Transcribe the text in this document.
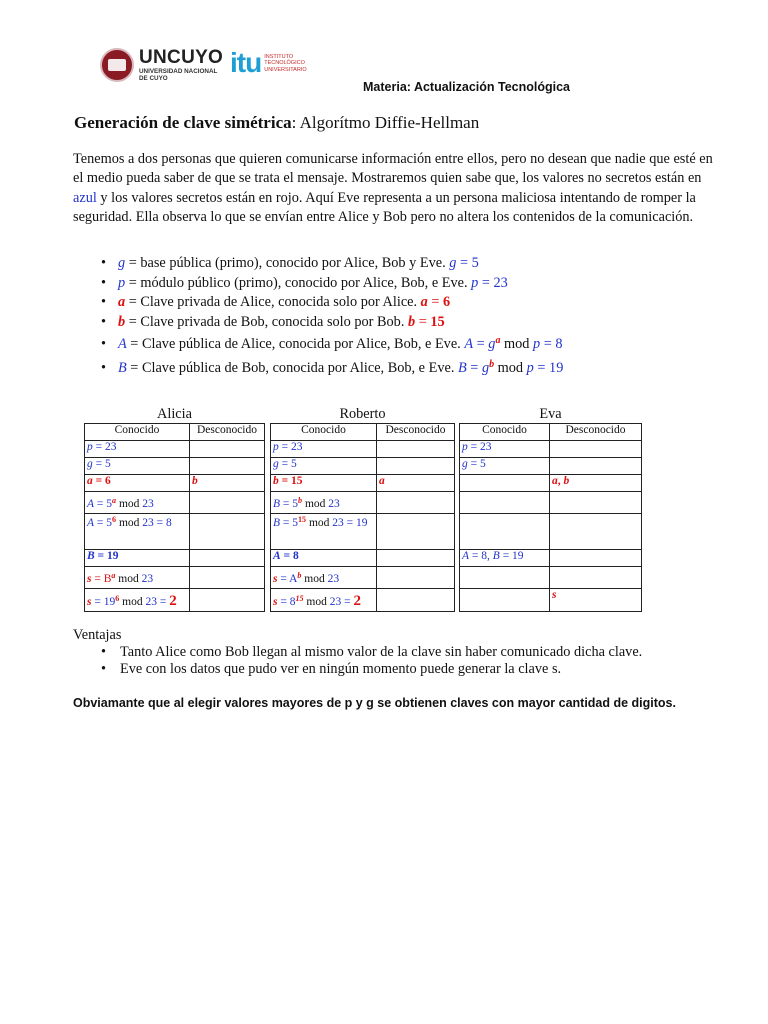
UNCUYO
UNIVERSIDAD NACIONAL DE CUYO	itu INSTITUTO TECNOLÓGICO UNIVERSITARIO
Materia: Actualización Tecnológica
Generación de clave simétrica: Algorítmo Diffie-Hellman
Tenemos a dos personas que quieren comunicarse información entre ellos, pero no desean que nadie que esté en el medio pueda saber de que se trata el mensaje. Mostraremos quien sabe que, los valores no secretos están en azul y los valores secretos están en rojo. Aquí Eve representa a un persona maliciosa intentando de romper la seguridad. Ella observa lo que se envían entre Alice y Bob pero no altera los contenidos de la comunicación.
• g = base pública (primo), conocido por Alice, Bob y Eve. g = 5
• p = módulo público (primo), conocido por Alice, Bob, e Eve. p = 23
• a = Clave privada de Alice, conocida solo por Alice. a = 6
• b = Clave privada de Bob, conocida solo por Bob. b = 15
• A = Clave pública de Alice, conocida por Alice, Bob, e Eve. $A = g^a$ mod p = 8
• B = Clave pública de Bob, conocida por Alice, Bob, e Eve. $B = g^b$ mod p = 19
Alicia
Conocido	Desconocido
p = 23	
g = 5	
a = 6	b
$A = 5^a$ mod 23	
$A = 5^6$ mod 23 = 8	
B = 19	
$s = B^a$ mod 23	
$s = 19^6$ mod 23 = 2	
Roberto
Conocido	Desconocido
p = 23	
g = 5	
b = 15	a
$B = 5^b$ mod 23	
$B = 5^{15}$ mod 23 = 19	
A = 8	
$s = A^b$ mod 23	
$s = 8^{15}$ mod 23 = 2	
Eva
Conocido	Desconocido
p = 23	
g = 5	
	a, b

A = 8, B = 19	

	s
Ventajas
• Tanto Alice como Bob llegan al mismo valor de la clave sin haber comunicado dicha clave.
• Eve con los datos que pudo ver en ningún momento puede generar la clave s.
Obviamante que al elegir valores mayores de p y g se obtienen claves con mayor cantidad de digitos.
